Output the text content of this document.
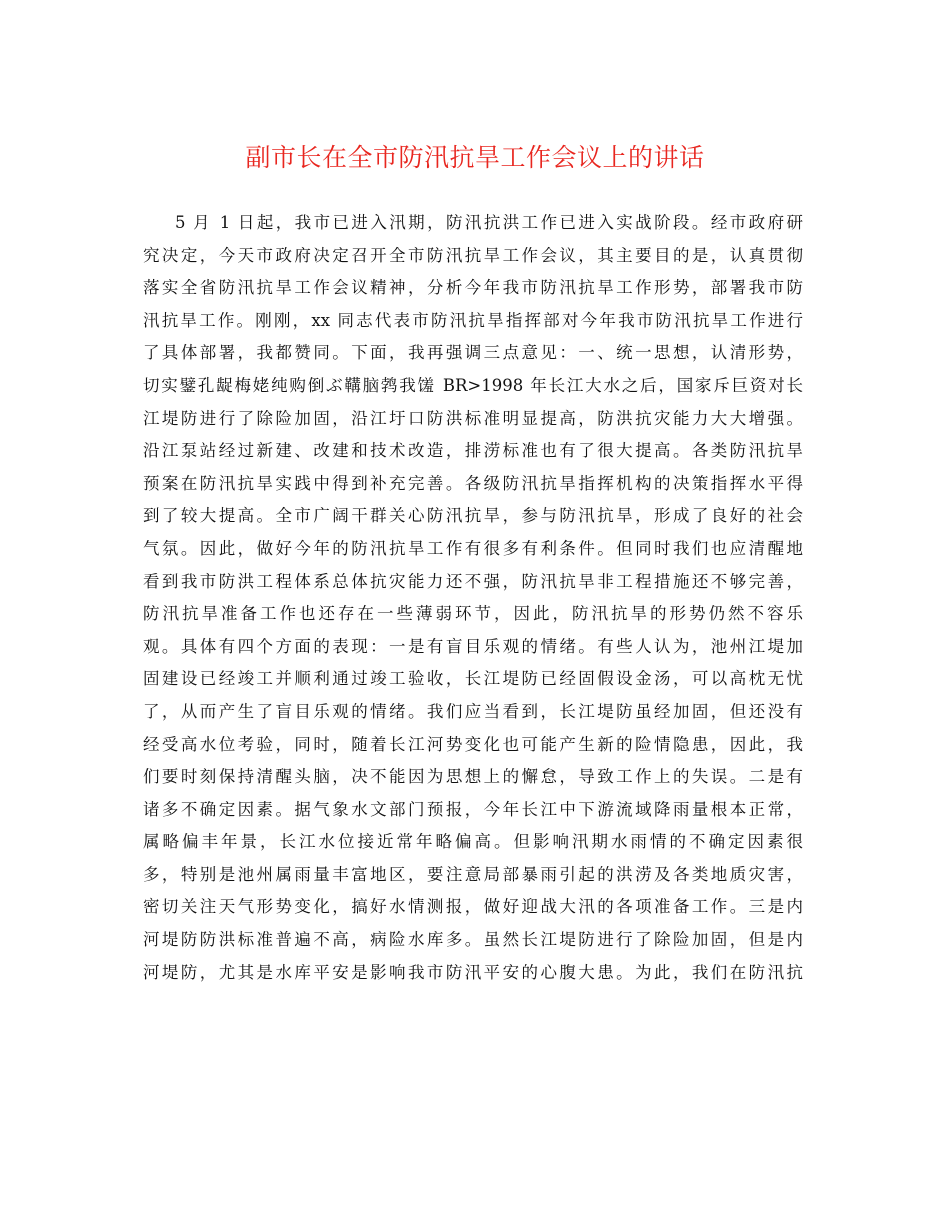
副市长在全市防汛抗旱工作会议上的讲话
5 月 1 日起，我市已进入汛期，防汛抗洪工作已进入实战阶段。经市政府研
究决定，今天市政府决定召开全市防汛抗旱工作会议，其主要目的是，认真贯彻
落实全省防汛抗旱工作会议精神，分析今年我市防汛抗旱工作形势，部署我市防
汛抗旱工作。刚刚，xx 同志代表市防汛抗旱指挥部对今年我市防汛抗旱工作进行
了具体部署，我都赞同。下面，我再强调三点意见：一、统一思想，认清形势，
切实鐾孔龊梅姥纯购倒ぶ鞲脑鹁我馐 BR>1998 年长江大水之后，国家斥巨资对长
江堤防进行了除险加固，沿江圩口防洪标准明显提高，防洪抗灾能力大大增强。
沿江泵站经过新建、改建和技术改造，排涝标准也有了很大提高。各类防汛抗旱
预案在防汛抗旱实践中得到补充完善。各级防汛抗旱指挥机构的决策指挥水平得
到了较大提高。全市广阔干群关心防汛抗旱，参与防汛抗旱，形成了良好的社会
气氛。因此，做好今年的防汛抗旱工作有很多有利条件。但同时我们也应清醒地
看到我市防洪工程体系总体抗灾能力还不强，防汛抗旱非工程措施还不够完善，
防汛抗旱准备工作也还存在一些薄弱环节，因此，防汛抗旱的形势仍然不容乐
观。具体有四个方面的表现：一是有盲目乐观的情绪。有些人认为，池州江堤加
固建设已经竣工并顺利通过竣工验收，长江堤防已经固假设金汤，可以高枕无忧
了，从而产生了盲目乐观的情绪。我们应当看到，长江堤防虽经加固，但还没有
经受高水位考验，同时，随着长江河势变化也可能产生新的险情隐患，因此，我
们要时刻保持清醒头脑，决不能因为思想上的懈怠，导致工作上的失误。二是有
诸多不确定因素。据气象水文部门预报，今年长江中下游流域降雨量根本正常，
属略偏丰年景，长江水位接近常年略偏高。但影响汛期水雨情的不确定因素很
多，特别是池州属雨量丰富地区，要注意局部暴雨引起的洪涝及各类地质灾害，
密切关注天气形势变化，搞好水情测报，做好迎战大汛的各项准备工作。三是内
河堤防防洪标准普遍不高，病险水库多。虽然长江堤防进行了除险加固，但是内
河堤防，尤其是水库平安是影响我市防汛平安的心腹大患。为此，我们在防汛抗
